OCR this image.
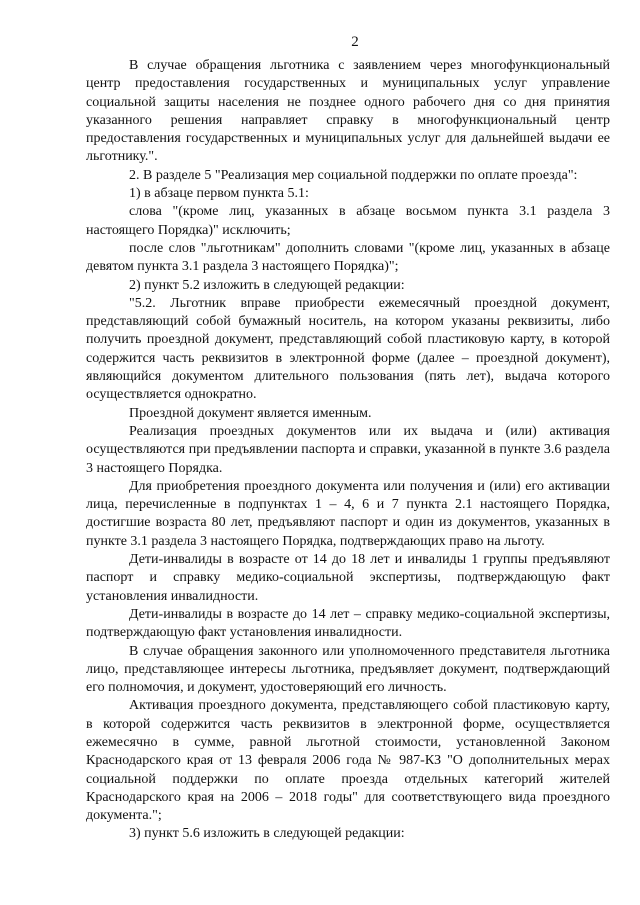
2

В случае обращения льготника с заявлением через многофункциональный центр предоставления государственных и муниципальных услуг управление социальной защиты населения не позднее одного рабочего дня со дня принятия указанного решения направляет справку в многофункциональный центр предоставления государственных и муниципальных услуг для дальнейшей выдачи ее льготнику.".

2. В разделе 5 "Реализация мер социальной поддержки по оплате проезда":

1) в абзаце первом пункта 5.1:

слова "(кроме лиц, указанных в абзаце восьмом пункта 3.1 раздела 3 настоящего Порядка)" исключить;

после слов "льготникам" дополнить словами "(кроме лиц, указанных в абзаце девятом пункта 3.1 раздела 3 настоящего Порядка)";

2) пункт 5.2 изложить в следующей редакции:

"5.2. Льготник вправе приобрести ежемесячный проездной документ, представляющий собой бумажный носитель, на котором указаны реквизиты, либо получить проездной документ, представляющий собой пластиковую карту, в которой содержится часть реквизитов в электронной форме (далее – проездной документ), являющийся документом длительного пользования (пять лет), выдача которого осуществляется однократно.

Проездной документ является именным.

Реализация проездных документов или их выдача и (или) активация осуществляются при предъявлении паспорта и справки, указанной в пункте 3.6 раздела 3 настоящего Порядка.

Для приобретения проездного документа или получения и (или) его активации лица, перечисленные в подпунктах 1 – 4, 6 и 7 пункта 2.1 настоящего Порядка, достигшие возраста 80 лет, предъявляют паспорт и один из документов, указанных в пункте 3.1 раздела 3 настоящего Порядка, подтверждающих право на льготу.

Дети-инвалиды в возрасте от 14 до 18 лет и инвалиды 1 группы предъявляют паспорт и справку медико-социальной экспертизы, подтверждающую факт установления инвалидности.

Дети-инвалиды в возрасте до 14 лет – справку медико-социальной экспертизы, подтверждающую факт установления инвалидности.

В случае обращения законного или уполномоченного представителя льготника лицо, представляющее интересы льготника, предъявляет документ, подтверждающий его полномочия, и документ, удостоверяющий его личность.

Активация проездного документа, представляющего собой пластиковую карту, в которой содержится часть реквизитов в электронной форме, осуществляется ежемесячно в сумме, равной льготной стоимости, установленной Законом Краснодарского края от 13 февраля 2006 года № 987-КЗ "О дополнительных мерах социальной поддержки по оплате проезда отдельных категорий жителей Краснодарского края на 2006 – 2018 годы" для соответствующего вида проездного документа.";

3) пункт 5.6 изложить в следующей редакции:
